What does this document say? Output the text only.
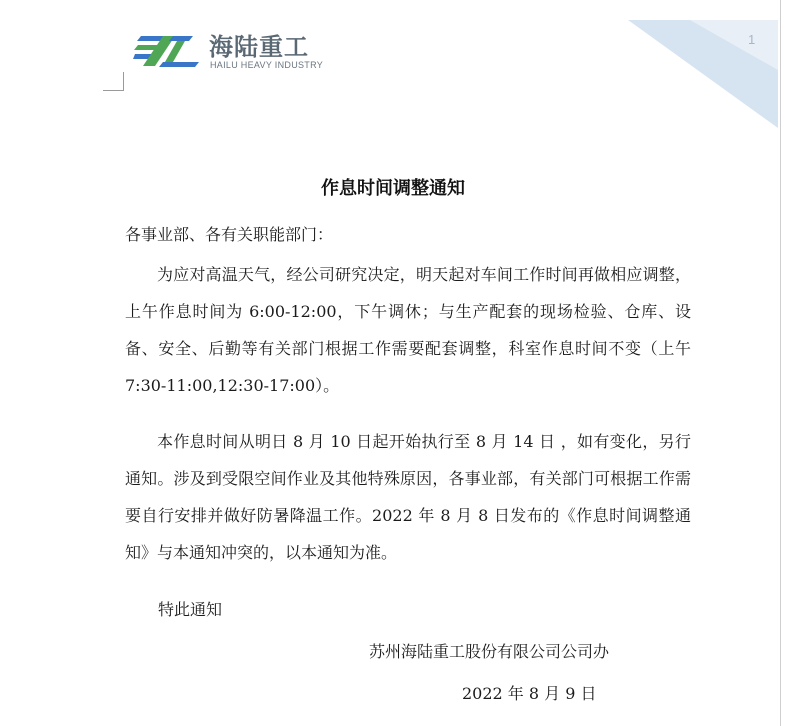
1
海陆重工
HAILU HEAVY INDUSTRY
作息时间调整通知
各事业部、各有关职能部门：

为应对高温天气，经公司研究决定，明天起对车间工作时间再做相应调整，上午作息时间为 6:00-12:00，下午调休；与生产配套的现场检验、仓库、设备、安全、后勤等有关部门根据工作需要配套调整，科室作息时间不变（上午 7:30-11:00,12:30-17:00）。

本作息时间从明日 8 月 10 日起开始执行至 8 月 14 日 ，如有变化，另行通知。涉及到受限空间作业及其他特殊原因，各事业部，有关部门可根据工作需要自行安排并做好防暑降温工作。2022 年 8 月 8 日发布的《作息时间调整通知》与本通知冲突的，以本通知为准。

特此通知
苏州海陆重工股份有限公司公司办
2022 年 8 月 9 日
